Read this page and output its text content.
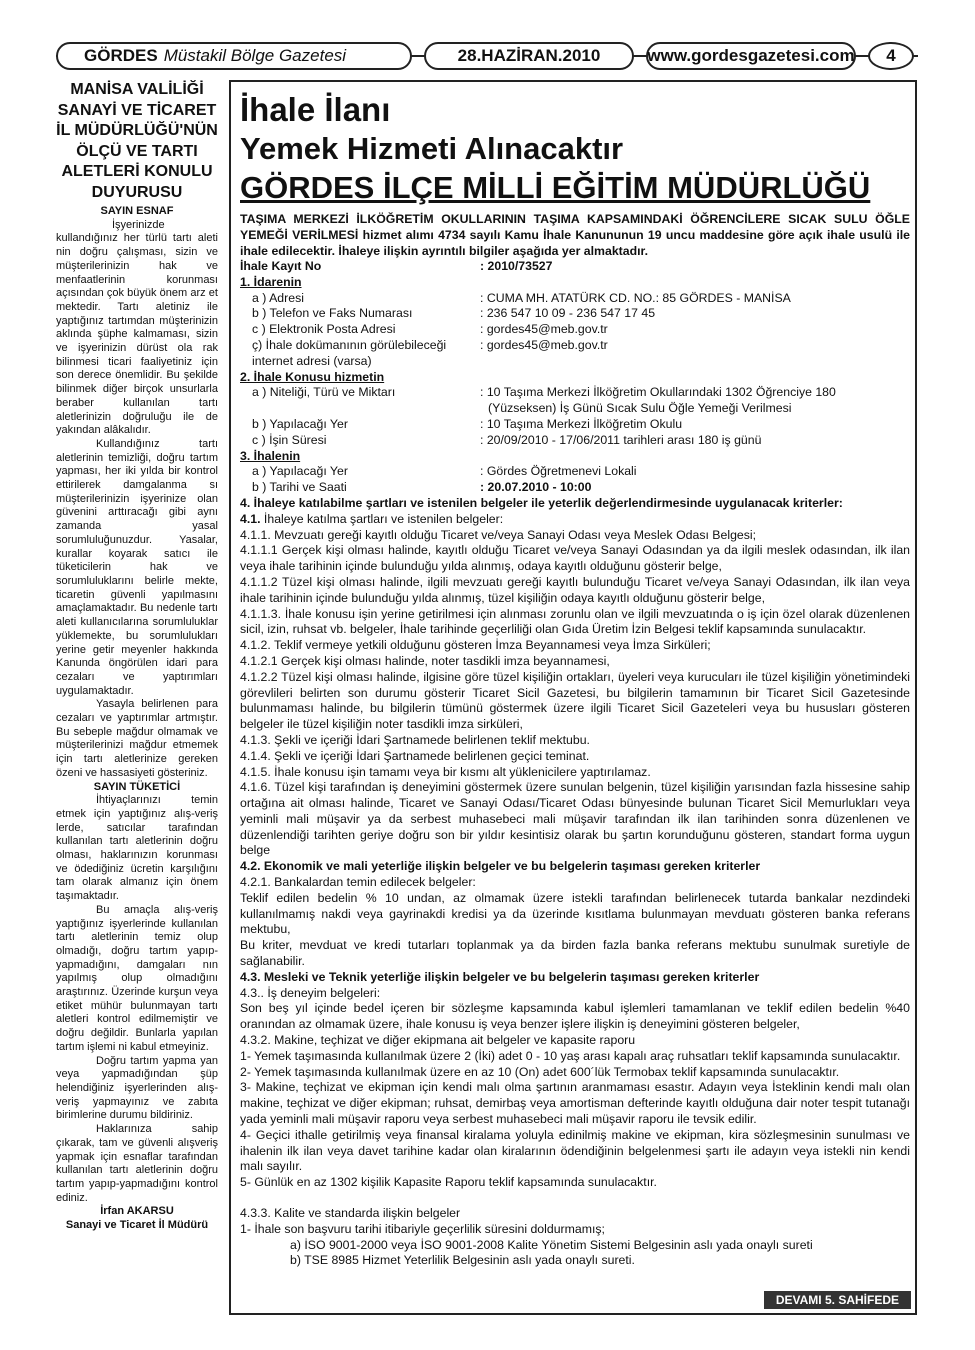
GÖRDES Müstakil Bölge Gazetesi	28.HAZİRAN.2010	www.gordesgazetesi.com	4
MANİSA VALİLİĞİ SANAYİ VE TİCARET İL MÜDÜRLÜĞÜ'NÜN ÖLÇÜ VE TARTI ALETLERİ KONULU DUYURUSU
SAYIN ESNAF

İşyerinizde kullandığınız her türlü tartı aleti nin doğru çalışması, sizin ve müşterilerinizin hak ve menfaatlerinin korunması açısından çok büyük önem arz et mektedir. Tartı aletiniz ile yaptığınız tartımdan müşterinizin aklında şüphe kalmaması, sizin ve işyerinizin dürüst ola rak bilinmesi ticari faaliyetiniz için son derece önemlidir. Bu şekilde bilinmek diğer birçok unsurlarla beraber kullanılan tartı aletlerinizin doğruluğu ile de yakından alâkalıdır.

Kullandığınız tartı aletlerinin temizliği, doğru tartım yapması, her iki yılda bir kontrol ettirilerek damgalanma sı müşterilerinizin işyerinize olan güvenini arttıracağı gibi aynı zamanda yasal sorumluluğunuzdur. Yasalar, kurallar koyarak satıcı ile tüketicilerin hak ve sorumluluklarını belirle mekte, ticaretin güvenli yapılmasını amaçlamaktadır. Bu nedenle tartı aleti kullanıcılarına sorumluluklar yüklemekte, bu sorumlulukları yerine getir meyenler hakkında Kanunda öngörülen idari para cezaları ve yaptırımları uygulamaktadır.

Yasayla belirlenen para cezaları ve yaptırımlar artmıştır. Bu sebeple mağdur olmamak ve müşterilerinizi mağdur etmemek için tartı aletlerinize gereken özeni ve hassasiyeti gösteriniz.

SAYIN TÜKETİCİ

İhtiyaçlarınızı temin etmek için yaptığınız alış-veriş lerde, satıcılar tarafından kullanılan tartı aletlerinin doğru olması, haklarınızın korunması ve ödediğiniz ücretin karşılığını tam olarak almanız için önem taşımaktadır.

Bu amaçla alış-veriş yaptığınız işyerlerinde kullanılan tartı aletlerinin temiz olup olmadığı, doğru tartım yapıp-yapmadığını, damgaları nın yapılmış olup olmadığını araştırınız. Üzerinde kurşun veya etiket mühür bulunmayan tartı aletleri kontrol edilmemiştir ve doğru değildir. Bunlarla yapılan tartım işlemi ni kabul etmeyiniz.

Doğru tartım yapma yan veya yapmadığından şüp helendiğiniz işyerlerinden alış-veriş yapmayınız ve zabıta birimlerine durumu bildiriniz.

Haklarınıza sahip çıkarak, tam ve güvenli alışveriş yapmak için esnaflar tarafından kullanılan tartı aletlerinin doğru tartım yapıp-yapmadığını kontrol ediniz.

İrfan AKARSU
Sanayi ve Ticaret İl Müdürü
İhale İlanı
Yemek Hizmeti Alınacaktır
GÖRDES İLÇE MİLLİ EĞİTİM MÜDÜRLÜĞÜ
TAŞIMA MERKEZİ İLKÖĞRETİM OKULLARININ TAŞIMA KAPSAMINDAKİ ÖĞRENCİLERE SICAK SULU ÖĞLE YEMEĞİ VERİLMESİ hizmet alımı 4734 sayılı Kamu İhale Kanununun 19 uncu maddesine göre açık ihale usulü ile ihale edilecektir. İhaleye ilişkin ayrıntılı bilgiler aşağıda yer almaktadır.
İhale Kayıt No	: 2010/73527
1. İdarenin
a ) Adresi	: CUMA MH. ATATÜRK CD. NO.: 85 GÖRDES - MANİSA
b ) Telefon ve Faks Numarası	: 236 547 10 09 - 236 547 17 45
c ) Elektronik Posta Adresi	: gordes45@meb.gov.tr
ç) İhale dokümanının görülebileceği internet adresi (varsa)
: gordes45@meb.gov.tr
2. İhale Konusu hizmetin
a ) Niteliği, Türü ve Miktarı	: 10 Taşıma Merkezi İlköğretim Okullarındaki 1302 Öğrenciye 180
(Yüzseksen) İş Günü Sıcak Sulu Öğle Yemeği Verilmesi
b ) Yapılacağı Yer	: 10 Taşıma Merkezi İlköğretim Okulu
c ) İşin Süresi	: 20/09/2010 - 17/06/2011 tarihleri arası 180 iş günü
3. İhalenin
a ) Yapılacağı Yer	: Gördes Öğretmenevi Lokali
b ) Tarihi ve Saati	: 20.07.2010 - 10:00
4. İhaleye katılabilme şartları ve istenilen belgeler ile yeterlik değerlendirmesinde uygulanacak kriterler:
4.1. İhaleye katılma şartları ve istenilen belgeler:
4.1.1. Mevzuatı gereği kayıtlı olduğu Ticaret ve/veya Sanayi Odası veya Meslek Odası Belgesi;
4.1.1.1 Gerçek kişi olması halinde, kayıtlı olduğu Ticaret ve/veya Sanayi Odasından ya da ilgili meslek odasından, ilk ilan veya ihale tarihinin içinde bulunduğu yılda alınmış, odaya kayıtlı olduğunu gösterir belge,
4.1.1.2 Tüzel kişi olması halinde, ilgili mevzuatı gereği kayıtlı bulunduğu Ticaret ve/veya Sanayi Odasından, ilk ilan veya ihale tarihinin içinde bulunduğu yılda alınmış, tüzel kişiliğin odaya kayıtlı olduğunu gösterir belge,
4.1.1.3. İhale konusu işin yerine getirilmesi için alınması zorunlu olan ve ilgili mevzuatında o iş için özel olarak düzenlenen sicil, izin, ruhsat vb. belgeler, İhale tarihinde geçerliliği olan Gıda Üretim İzin Belgesi teklif kapsamında sunulacaktır.
4.1.2. Teklif vermeye yetkili olduğunu gösteren İmza Beyannamesi veya İmza Sirküleri;
4.1.2.1 Gerçek kişi olması halinde, noter tasdikli imza beyannamesi,
4.1.2.2 Tüzel kişi olması halinde, ilgisine göre tüzel kişiliğin ortakları, üyeleri veya kurucuları ile tüzel kişiliğin yönetimindeki görevlileri belirten son durumu gösterir Ticaret Sicil Gazetesi, bu bilgilerin tamamının bir Ticaret Sicil Gazetesinde bulunmaması halinde, bu bilgilerin tümünü göstermek üzere ilgili Ticaret Sicil Gazeteleri veya bu hususları gösteren belgeler ile tüzel kişiliğin noter tasdikli imza sirküleri,
4.1.3. Şekli ve içeriği İdari Şartnamede belirlenen teklif mektubu.
4.1.4. Şekli ve içeriği İdari Şartnamede belirlenen geçici teminat.
4.1.5. İhale konusu işin tamamı veya bir kısmı alt yüklenicilere yaptırılamaz.
4.1.6. Tüzel kişi tarafından iş deneyimini göstermek üzere sunulan belgenin, tüzel kişiliğin yarısından fazla hissesine sahip ortağına ait olması halinde, Ticaret ve Sanayi Odası/Ticaret Odası bünyesinde bulunan Ticaret Sicil Memurlukları veya yeminli mali müşavir ya da serbest muhasebeci mali müşavir tarafından ilk ilan tarihinden sonra düzenlenen ve düzenlendiği tarihten geriye doğru son bir yıldır kesintisiz olarak bu şartın korunduğunu gösteren, standart forma uygun belge
4.2. Ekonomik ve mali yeterliğe ilişkin belgeler ve bu belgelerin taşıması gereken kriterler
4.2.1. Bankalardan temin edilecek belgeler:
Teklif edilen bedelin % 10 undan, az olmamak üzere istekli tarafından belirlenecek tutarda bankalar nezdindeki kullanılmamış nakdi veya gayrinakdi kredisi ya da üzerinde kısıtlama bulunmayan mevduatı gösteren banka referans mektubu,
Bu kriter, mevduat ve kredi tutarları toplanmak ya da birden fazla banka referans mektubu sunulmak suretiyle de sağlanabilir.
4.3. Mesleki ve Teknik yeterliğe ilişkin belgeler ve bu belgelerin taşıması gereken kriterler
4.3.. İş deneyim belgeleri:
Son beş yıl içinde bedel içeren bir sözleşme kapsamında kabul işlemleri tamamlanan ve teklif edilen bedelin %40 oranından az olmamak üzere, ihale konusu iş veya benzer işlere ilişkin iş deneyimini gösteren belgeler,
4.3.2. Makine, teçhizat ve diğer ekipmana ait belgeler ve kapasite raporu
1- Yemek taşımasında kullanılmak üzere 2 (İki) adet 0 - 10 yaş arası kapalı araç ruhsatları teklif kapsamında sunulacaktır.
2- Yemek taşımasında kullanılmak üzere en az 10 (On) adet 600´lük Termobax teklif kapsamında sunulacaktır.
3- Makine, teçhizat ve ekipman için kendi malı olma şartının aranmaması esastır. Adayın veya İsteklinin kendi malı olan makine, teçhizat ve diğer ekipman; ruhsat, demirbaş veya amortisman defterinde kayıtlı olduğuna dair noter tespit tutanağı yada yeminli mali müşavir raporu veya serbest muhasebeci mali müşavir raporu ile tevsik edilir.
4- Geçici ithalle getirilmiş veya finansal kiralama yoluyla edinilmiş makine ve ekipman, kira sözleşmesinin sunulması ve ihalenin ilk ilan veya davet tarihine kadar olan kiralarının ödendiğinin belgelenmesi şartı ile adayın veya istekli nin kendi malı sayılır.
5- Günlük en az 1302 kişilik Kapasite Raporu teklif kapsamında sunulacaktır.
4.3.3. Kalite ve standarda ilişkin belgeler
1- İhale son başvuru tarihi itibariyle geçerlilik süresini doldurmamış;
a) İSO 9001-2000 veya İSO 9001-2008 Kalite Yönetim Sistemi Belgesinin aslı yada onaylı sureti
b) TSE 8985 Hizmet Yeterlilik Belgesinin aslı yada onaylı sureti.
DEVAMI 5. SAHİFEDE
